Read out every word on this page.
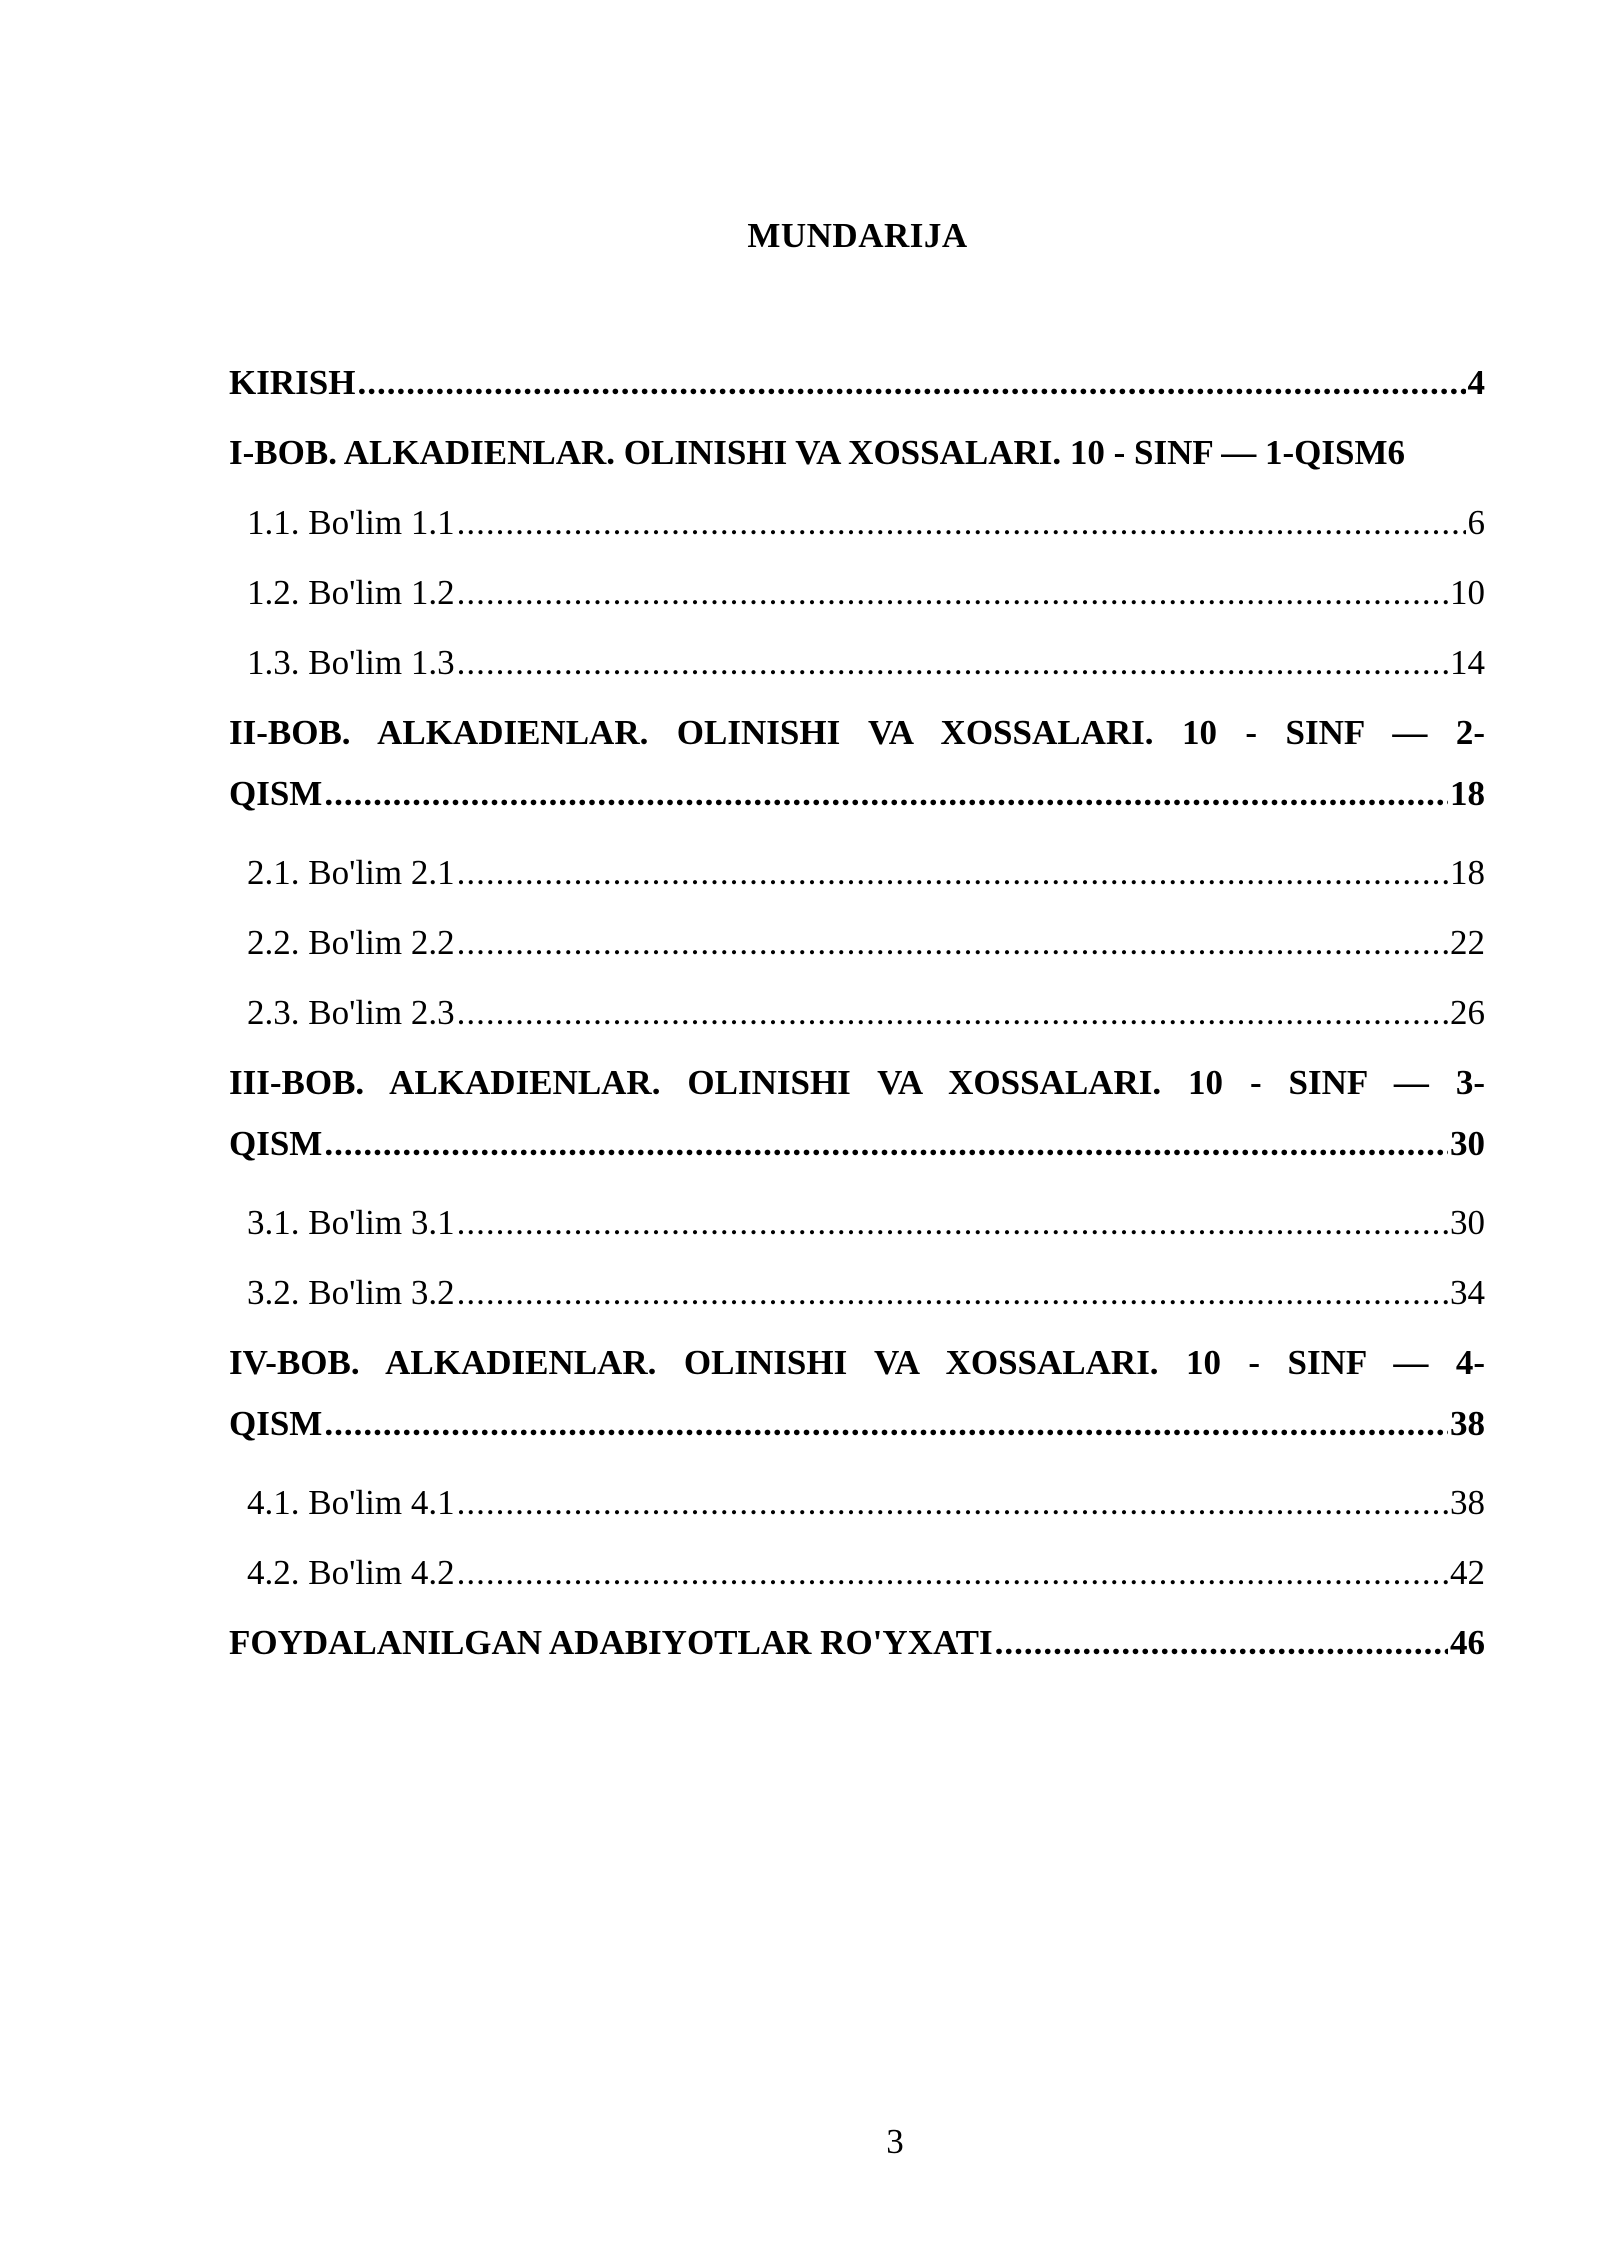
MUNDARIJA
KIRISH .....	4
I-BOB. ALKADIENLAR. OLINISHI VA XOSSALARI. 10 - SINF — 1-QISM 6
1.1. Bo'lim 1.1 .....	6
1.2. Bo'lim 1.2 .....	10
1.3. Bo'lim 1.3 .....	14
II-BOB. ALKADIENLAR. OLINISHI VA XOSSALARI. 10 - SINF — 2-
QISM .....	18
2.1. Bo'lim 2.1 .....	18
2.2. Bo'lim 2.2 .....	22
2.3. Bo'lim 2.3 .....	26
III-BOB. ALKADIENLAR. OLINISHI VA XOSSALARI. 10 - SINF — 3-
QISM .....	30
3.1. Bo'lim 3.1 .....	30
3.2. Bo'lim 3.2 .....	34
IV-BOB. ALKADIENLAR. OLINISHI VA XOSSALARI. 10 - SINF — 4-
QISM .....	38
4.1. Bo'lim 4.1 .....	38
4.2. Bo'lim 4.2 .....	42
FOYDALANILGAN ADABIYOTLAR RO'YXATI .....	46
3
